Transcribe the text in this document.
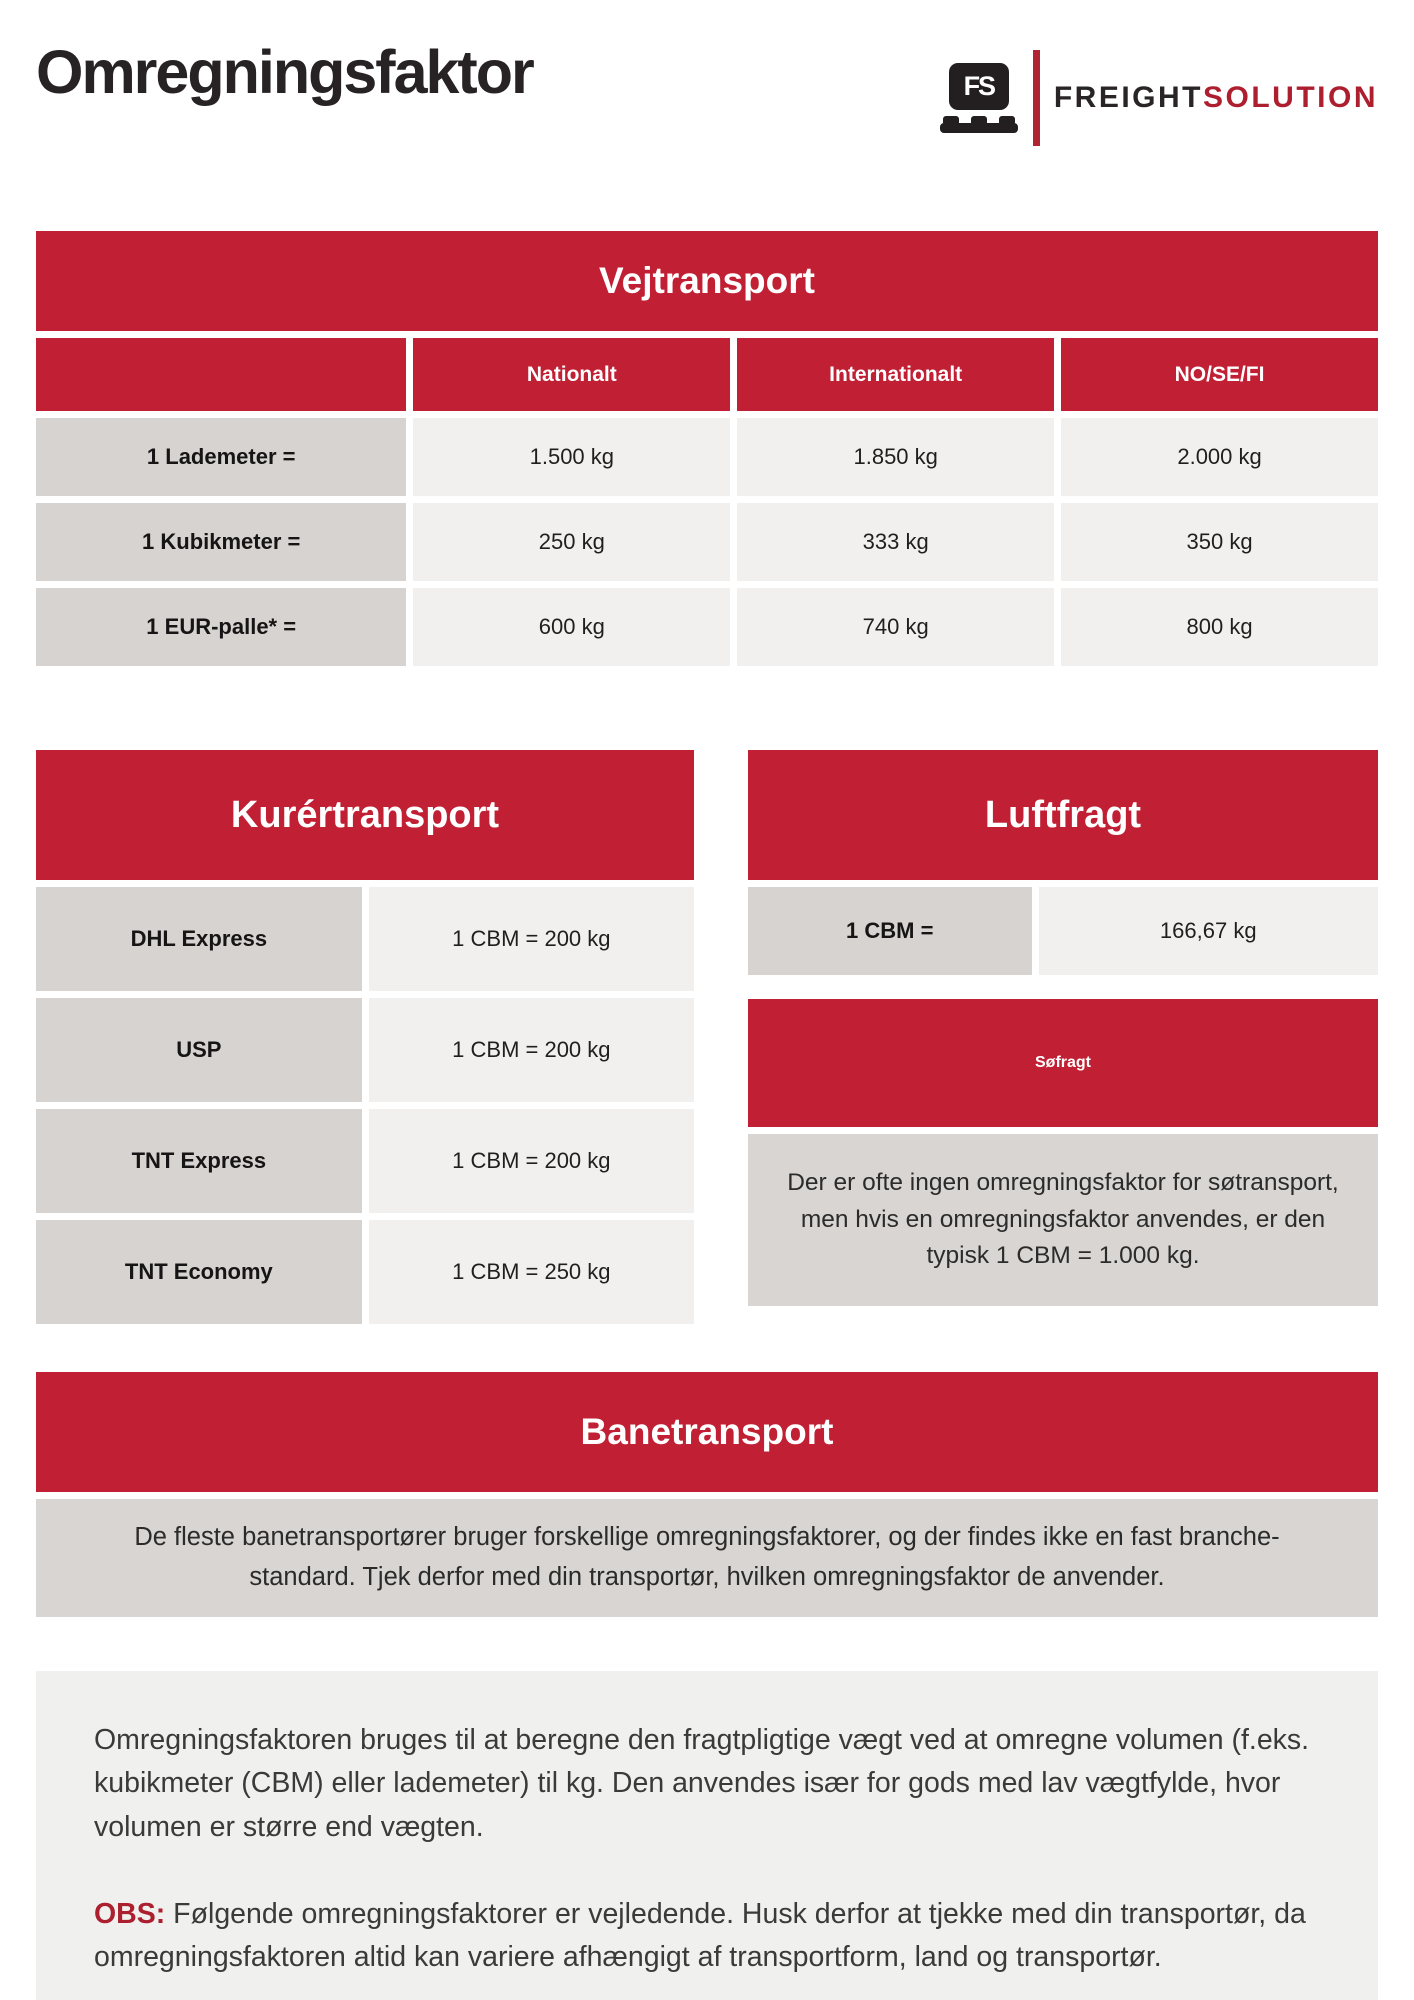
Omregningsfaktor	FS FREIGHTSOLUTION
Vejtransport
Nationalt	Internationalt	NO/SE/FI
1 Lademeter =	1.500 kg	1.850 kg	2.000 kg
1 Kubikmeter =	250 kg	333 kg	350 kg
1 EUR-palle* =	600 kg	740 kg	800 kg
Kurértransport
DHL Express	1 CBM = 200 kg
USP	1 CBM = 200 kg
TNT Express	1 CBM = 200 kg
TNT Economy	1 CBM = 250 kg
Luftfragt
1 CBM =	166,67 kg
Søfragt
Der er ofte ingen omregningsfaktor for søtransport,
men hvis en omregningsfaktor anvendes, er den
typisk 1 CBM = 1.000 kg.
Banetransport
De fleste banetransportører bruger forskellige omregningsfaktorer, og der findes ikke en fast branche-
standard. Tjek derfor med din transportør, hvilken omregningsfaktor de anvender.

Omregningsfaktoren bruges til at beregne den fragtpligtige vægt ved at omregne volumen (f.eks. kubikmeter (CBM) eller lademeter) til kg. Den anvendes især for gods med lav vægtfylde, hvor volumen er større end vægten.

OBS: Følgende omregningsfaktorer er vejledende. Husk derfor at tjekke med din transportør, da omregningsfaktoren altid kan variere afhængigt af transportform, land og transportør.
